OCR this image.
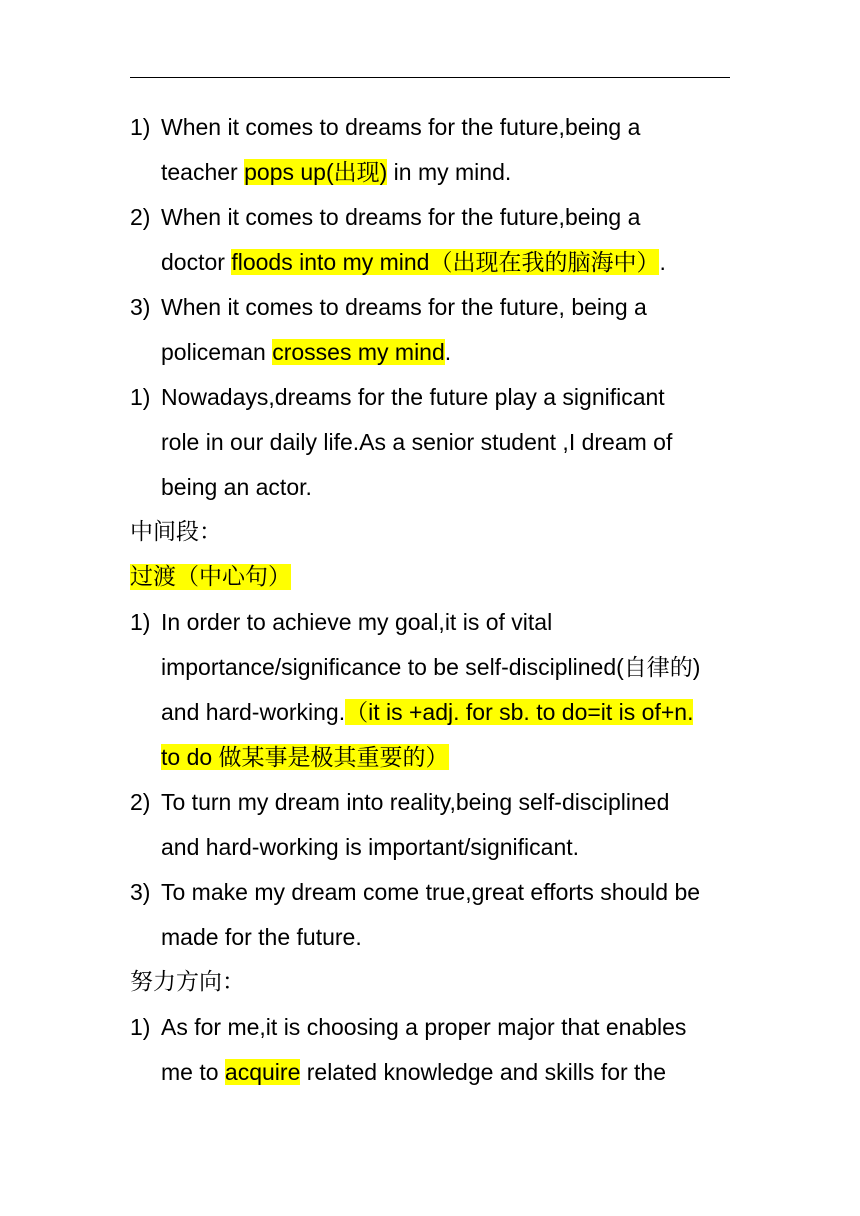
1) When it comes to dreams for the future,being a
teacher pops up(出现) in my mind.
2) When it comes to dreams for the future,being a
doctor floods into my mind（出现在我的脑海中）.
3) When it comes to dreams for the future, being a
policeman crosses my mind.
1) Nowadays,dreams for the future play a significant
role in our daily life.As a senior student ,I dream of
being an actor.
中间段：
过渡（中心句）
1) In order to achieve my goal,it is of vital
importance/significance to be self-disciplined(自律的)
and hard-working.（it is +adj. for sb. to do=it is of+n.
to do 做某事是极其重要的）
2) To turn my dream into reality,being self-disciplined
and hard-working is important/significant.
3) To make my dream come true,great efforts should be
made for the future.
努力方向：
1) As for me,it is choosing a proper major that enables
me to acquire related knowledge and skills for the
